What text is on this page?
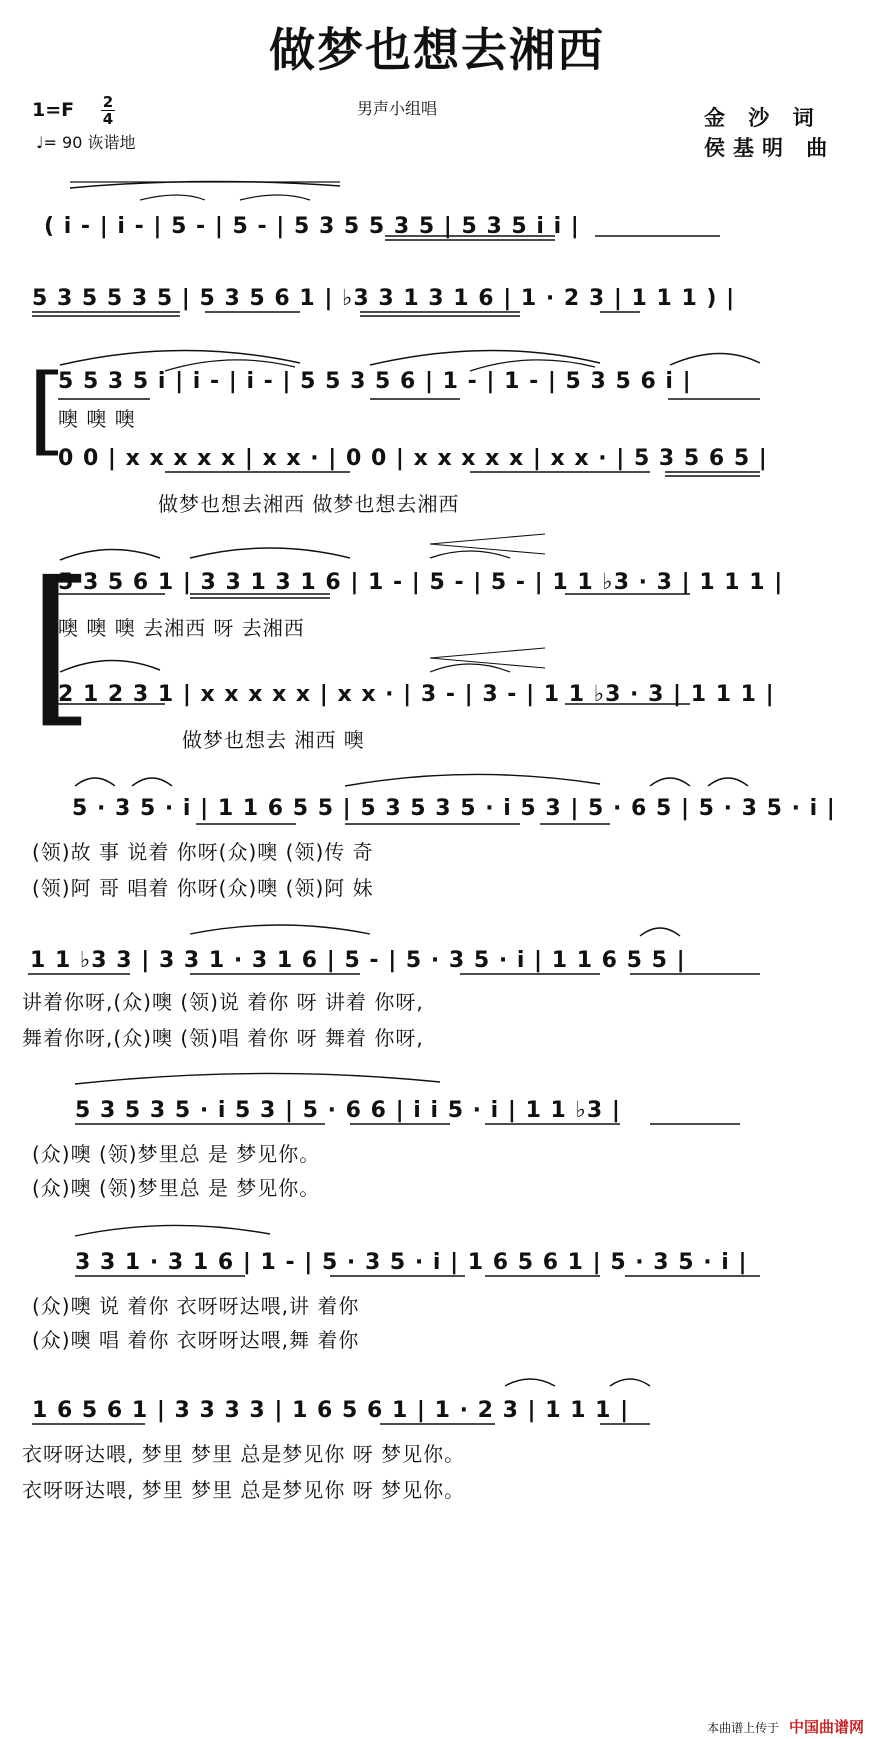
做梦也想去湘西
$1=F \frac{2}{4}$
♩= 90 诙谐地
男声小组唱	金 沙 词
侯基明 曲
( i - | i - | 5 - | 5 - | 5 3 5 5 3 5 | 5 3 5 i i |
5 3 5 5 3 5 | 5 3 5 6 1 | ♭3 3 1 3 1 6 | 1 · 2 3 | 1 1 1 ) |
[
5 5 3 5 i | i - | i - | 5 5 3 5 6 | 1 - | 1 - | 5 3 5 6 i |
噢 噢 噢
0 0 | x x x x x | x x · | 0 0 | x x x x x | x x · | 5 3 5 6 5 |
做梦也想去湘西 做梦也想去湘西
[
5 3 5 6 1 | 3 3 1 3 1 6 | 1 - | 5 - | 5 - | 1 1 ♭3 · 3 | 1 1 1 |
噢 噢 噢 去湘西 呀 去湘西
2 1 2 3 1 | x x x x x | x x · | 3 - | 3 - | 1 1 ♭3 · 3 | 1 1 1 |
做梦也想去 湘西 噢
5 · 3 5 · i | 1 1 6 5 5 | 5 3 5 3 5 · i 5 3 | 5 · 6 5 | 5 · 3 5 · i |
(领)故 事 说着 你呀(众)噢 (领)传 奇
(领)阿 哥 唱着 你呀(众)噢 (领)阿 妹
1 1 ♭3 3 | 3 3 1 · 3 1 6 | 5 - | 5 · 3 5 · i | 1 1 6 5 5 |
讲着你呀,(众)噢 (领)说 着你 呀 讲着 你呀,
舞着你呀,(众)噢 (领)唱 着你 呀 舞着 你呀,
5 3 5 3 5 · i 5 3 | 5 · 6 6 | i i 5 · i | 1 1 ♭3 |
(众)噢 (领)梦里总 是 梦见你。
(众)噢 (领)梦里总 是 梦见你。
3 3 1 · 3 1 6 | 1 - | 5 · 3 5 · i | 1 6 5 6 1 | 5 · 3 5 · i |
(众)噢 说 着你 衣呀呀达喂,讲 着你
(众)噢 唱 着你 衣呀呀达喂,舞 着你
1 6 5 6 1 | 3 3 3 3 | 1 6 5 6 1 | 1 · 2 3 | 1 1 1 |
衣呀呀达喂, 梦里 梦里 总是梦见你 呀 梦见你。
衣呀呀达喂, 梦里 梦里 总是梦见你 呀 梦见你。
本曲谱上传于 中国曲谱网
